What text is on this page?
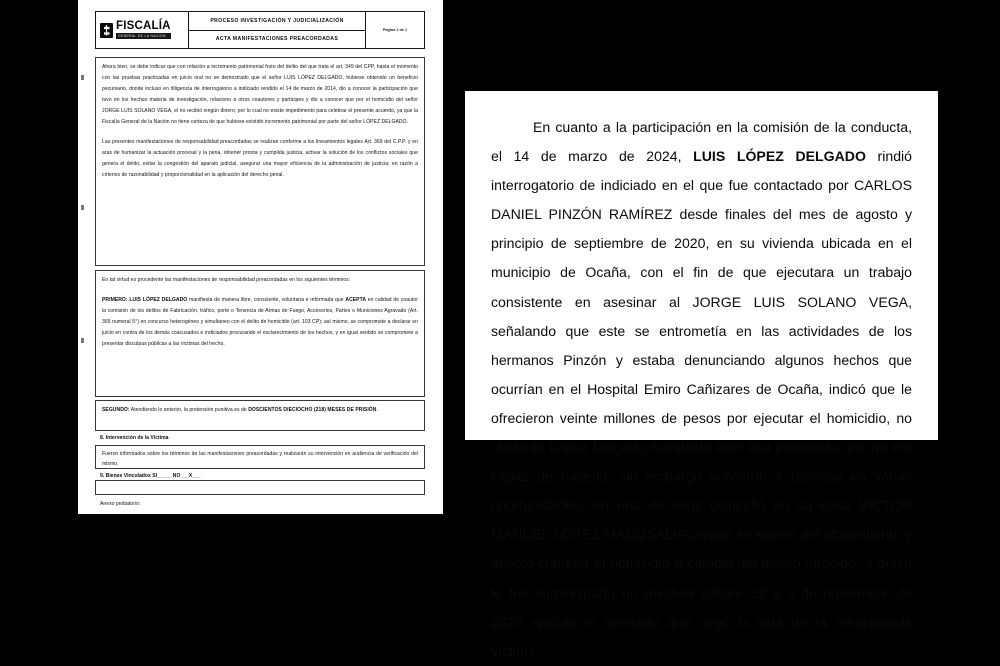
FISCALÍA
GENERAL DE LA NACIÓN
PROCESO INVESTIGACIÓN Y JUDICIALIZACIÓN
ACTA MANIFESTACIONES PREACORDADAS
Página 1 de 1

Ahora bien, se debe indicar que con relación a incremento patrimonial fruto del delito del que trata el art. 349 del CPP, hasta el momento con las pruebas practicadas en juicio oral no se demostrado que el señor LUIS LÓPEZ DELGADO, hubiese obtenido un beneficio pecuniario, donde incluso en diligencia de interrogatorio a indiciado rendido el 14 de marzo de 2014, dio a conocer la participación que tuvo en los hechos materia de investigación, relaciono a otros coautores y participes y dio a conocer que por el homicidio del señor JORGE LUIS SOLANO VEGA, el no recibió ningún dinero; por lo cual no existe impedimento para celebrar el presente acuerdo, ya que la Fiscalía General de la Nación no tiene certeza de que hubiese existido incremento patrimonial por parte del señor LÓPEZ DELGADO.

Las presentes manifestaciones de responsabilidad preacordadas se realizan conforme a los lineamientos legales Art. 369 del C.P.P. y en aras de humanizar la actuación procesal y la pena, obtener pronta y cumplida justicia, activar la solución de los conflictos sociales que genera el delito, evitar la congestión del aparato judicial, asegurar una mayor eficiencia de la administración de justicia; en razón a criterios de razonabilidad y proporcionalidad en la aplicación del derecho penal.

En tal virtud es procedente las manifestaciones de responsabilidad preacordadas en los siguientes términos:

PRIMERO: LUIS LÓPEZ DELGADO manifiesta de manera libre, consciente, voluntaria e informada que ACEPTA en calidad de coautor la comisión de los delitos de Fabricación, tráfico, porte o Tenencia de Armas de Fuego, Accesorios, Partes o Municiones Agravado (Art. 365 numeral 5°) en concurso heterogéneo y simultaneo con el delito de homicidio (art. 103 CP); así mismo, se compromete a declarar en juicio en contra de los demás coacusados e indiciados procurando el esclarecimiento de los hechos, y en igual sentido se compromete a presentar disculpas públicas a las victimas del hecho.

SEGUNDO: Atendiendo lo anterior, la pretensión punitiva es de DOSCIENTOS DIECIOCHO (218) MESES DE PRISIÓN.

8. Intervención de la Víctima
Fueron informados sobre los términos de las manifestaciones preacordadas y realizarán su intervención en audiencia de verificación del mismo.
9. Bienes Vinculados SI_____ NO___X___
Anexo probatorio:

En cuanto a la participación en la comisión de la conducta, el 14 de marzo de 2024, LUIS LÓPEZ DELGADO rindió interrogatorio de indiciado en el que fue contactado por CARLOS DANIEL PINZÓN RAMÍREZ desde finales del mes de agosto y principio de septiembre de 2020, en su vivienda ubicada en el municipio de Ocaña, con el fin de que ejecutara un trabajo consistente en asesinar al JORGE LUIS SOLANO VEGA, señalando que este se entrometía en las actividades de los hermanos Pinzón y estaba denunciando algunos hechos que ocurrían en el Hospital Emiro Cañizares de Ocaña, indicó que le ofrecieron veinte millones de pesos por ejecutar el homicidio, no obstante López Delgado manifestó ante esa propuesta que no era capaz de hacerlo, sin embargo volvieron a reunirse en varias oportunidades, en una de ellas coincidió en su casa VÍCTOR MANUEL LÓPEZ MANOSALVA, quien se enteró del ofrecimiento y acepto cometer el homicidio a cambió del dinero ofrecido, a quien le fue suministrado un revolver calibre 32 y 3 de noviembre de 2020 ejecutó el atentado que cegó la vida de la mencionada víctima.
